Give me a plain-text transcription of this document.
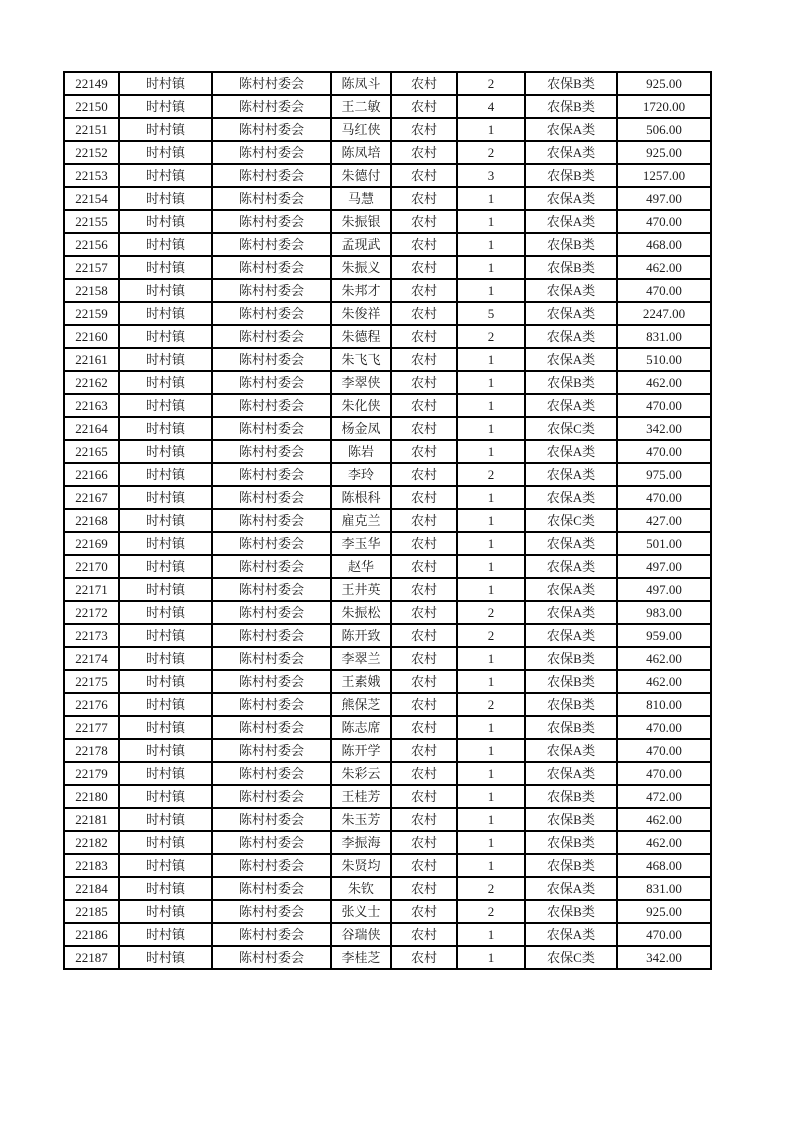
22149	时村镇	陈村村委会	陈凤斗	农村	2	农保B类	925.00
22150	时村镇	陈村村委会	王二敏	农村	4	农保B类	1720.00
22151	时村镇	陈村村委会	马红侠	农村	1	农保A类	506.00
22152	时村镇	陈村村委会	陈凤培	农村	2	农保A类	925.00
22153	时村镇	陈村村委会	朱德付	农村	3	农保B类	1257.00
22154	时村镇	陈村村委会	马慧	农村	1	农保A类	497.00
22155	时村镇	陈村村委会	朱振银	农村	1	农保A类	470.00
22156	时村镇	陈村村委会	孟现武	农村	1	农保B类	468.00
22157	时村镇	陈村村委会	朱振义	农村	1	农保B类	462.00
22158	时村镇	陈村村委会	朱邦才	农村	1	农保A类	470.00
22159	时村镇	陈村村委会	朱俊祥	农村	5	农保A类	2247.00
22160	时村镇	陈村村委会	朱德程	农村	2	农保A类	831.00
22161	时村镇	陈村村委会	朱飞飞	农村	1	农保A类	510.00
22162	时村镇	陈村村委会	李翠侠	农村	1	农保B类	462.00
22163	时村镇	陈村村委会	朱化侠	农村	1	农保A类	470.00
22164	时村镇	陈村村委会	杨金凤	农村	1	农保C类	342.00
22165	时村镇	陈村村委会	陈岩	农村	1	农保A类	470.00
22166	时村镇	陈村村委会	李玲	农村	2	农保A类	975.00
22167	时村镇	陈村村委会	陈根科	农村	1	农保A类	470.00
22168	时村镇	陈村村委会	雇克兰	农村	1	农保C类	427.00
22169	时村镇	陈村村委会	李玉华	农村	1	农保A类	501.00
22170	时村镇	陈村村委会	赵华	农村	1	农保A类	497.00
22171	时村镇	陈村村委会	王井英	农村	1	农保A类	497.00
22172	时村镇	陈村村委会	朱振松	农村	2	农保A类	983.00
22173	时村镇	陈村村委会	陈开致	农村	2	农保A类	959.00
22174	时村镇	陈村村委会	李翠兰	农村	1	农保B类	462.00
22175	时村镇	陈村村委会	王素娥	农村	1	农保B类	462.00
22176	时村镇	陈村村委会	熊保芝	农村	2	农保B类	810.00
22177	时村镇	陈村村委会	陈志席	农村	1	农保B类	470.00
22178	时村镇	陈村村委会	陈开学	农村	1	农保A类	470.00
22179	时村镇	陈村村委会	朱彩云	农村	1	农保A类	470.00
22180	时村镇	陈村村委会	王桂芳	农村	1	农保B类	472.00
22181	时村镇	陈村村委会	朱玉芳	农村	1	农保B类	462.00
22182	时村镇	陈村村委会	李振海	农村	1	农保B类	462.00
22183	时村镇	陈村村委会	朱贤均	农村	1	农保B类	468.00
22184	时村镇	陈村村委会	朱钦	农村	2	农保A类	831.00
22185	时村镇	陈村村委会	张义士	农村	2	农保B类	925.00
22186	时村镇	陈村村委会	谷瑞侠	农村	1	农保A类	470.00
22187	时村镇	陈村村委会	李桂芝	农村	1	农保C类	342.00
